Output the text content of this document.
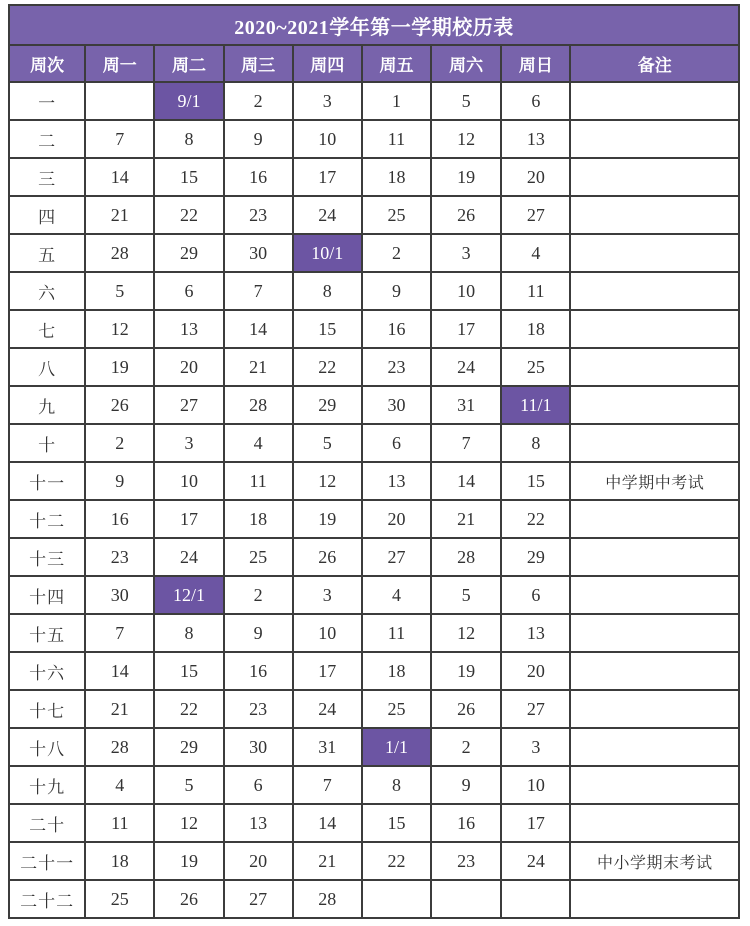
2020~2021学年第一学期校历表								
周次	周一	周二	周三	周四	周五	周六	周日	备注
一		9/1	2	3	1	5	6	
二	7	8	9	10	11	12	13	
三	14	15	16	17	18	19	20	
四	21	22	23	24	25	26	27	
五	28	29	30	10/1	2	3	4	
六	5	6	7	8	9	10	11	
七	12	13	14	15	16	17	18	
八	19	20	21	22	23	24	25	
九	26	27	28	29	30	31	11/1	
十	2	3	4	5	6	7	8	
十一	9	10	11	12	13	14	15	中学期中考试
十二	16	17	18	19	20	21	22	
十三	23	24	25	26	27	28	29	
十四	30	12/1	2	3	4	5	6	
十五	7	8	9	10	11	12	13	
十六	14	15	16	17	18	19	20	
十七	21	22	23	24	25	26	27	
十八	28	29	30	31	1/1	2	3	
十九	4	5	6	7	8	9	10	
二十	11	12	13	14	15	16	17	
二十一	18	19	20	21	22	23	24	中小学期末考试
二十二	25	26	27	28				
